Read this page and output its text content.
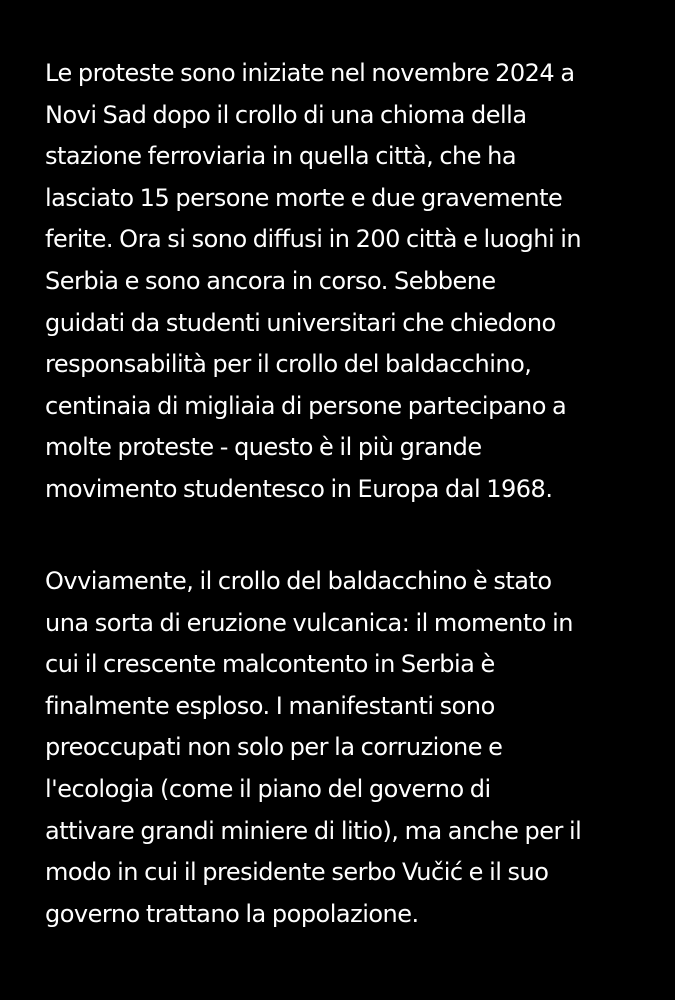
Le proteste sono iniziate nel novembre 2024 a
Novi Sad dopo il crollo di una chioma della
stazione ferroviaria in quella città, che ha
lasciato 15 persone morte e due gravemente
ferite. Ora si sono diffusi in 200 città e luoghi in
Serbia e sono ancora in corso. Sebbene
guidati da studenti universitari che chiedono
responsabilità per il crollo del baldacchino,
centinaia di migliaia di persone partecipano a
molte proteste - questo è il più grande
movimento studentesco in Europa dal 1968.

Ovviamente, il crollo del baldacchino è stato
una sorta di eruzione vulcanica: il momento in
cui il crescente malcontento in Serbia è
finalmente esploso. I manifestanti sono
preoccupati non solo per la corruzione e
l'ecologia (come il piano del governo di
attivare grandi miniere di litio), ma anche per il
modo in cui il presidente serbo Vučić e il suo
governo trattano la popolazione.
